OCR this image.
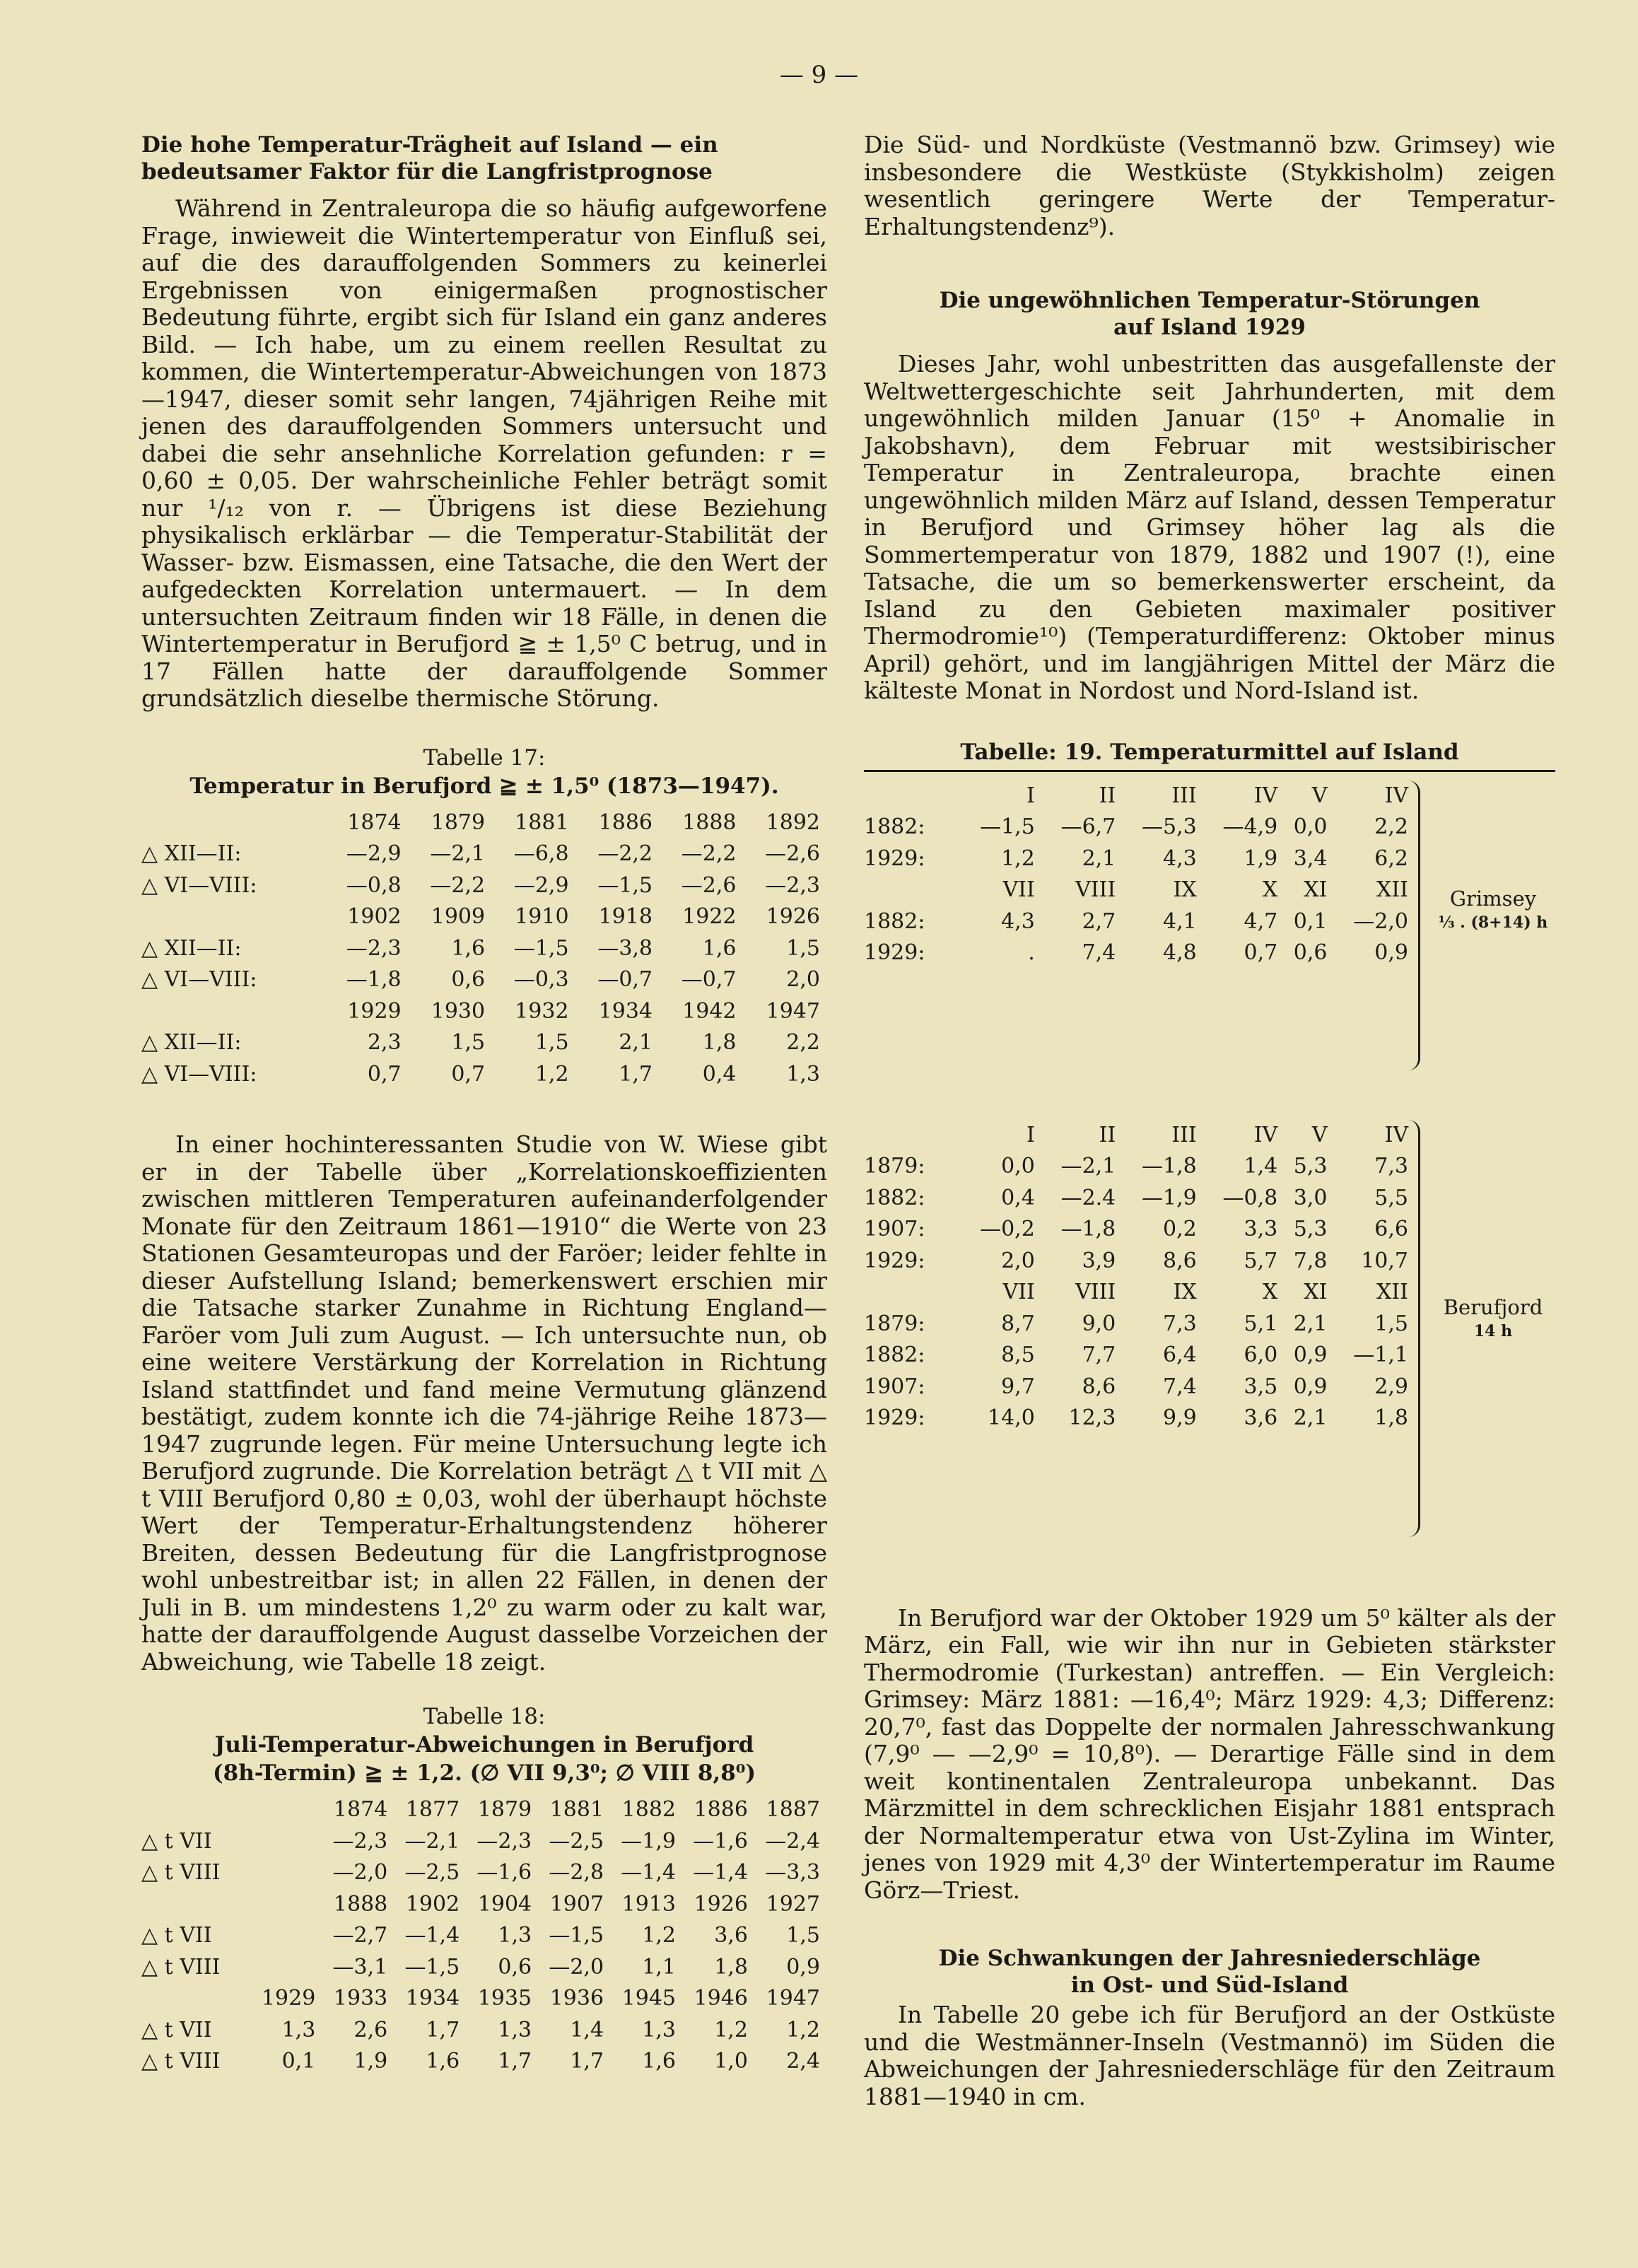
— 9 —
Die hohe Temperatur-Trägheit auf Island — ein bedeutsamer Faktor für die Langfristprognose

Während in Zentraleuropa die so häufig aufgeworfene Frage, inwieweit die Wintertemperatur von Einfluß sei, auf die des darauffolgenden Sommers zu keinerlei Ergebnissen von einigermaßen prognostischer Bedeutung führte, ergibt sich für Island ein ganz anderes Bild. — Ich habe, um zu einem reellen Resultat zu kommen, die Wintertemperatur-Abweichungen von 1873—1947, dieser somit sehr langen, 74jährigen Reihe mit jenen des darauffolgenden Sommers untersucht und dabei die sehr ansehnliche Korrelation gefunden: r = 0,60 ± 0,05. Der wahrscheinliche Fehler beträgt somit nur ¹/₁₂ von r. — Übrigens ist diese Beziehung physikalisch erklärbar — die Temperatur-Stabilität der Wasser- bzw. Eismassen, eine Tatsache, die den Wert der aufgedeckten Korrelation untermauert. — In dem untersuchten Zeitraum finden wir 18 Fälle, in denen die Wintertemperatur in Berufjord ≧ ± 1,5⁰ C betrug, und in 17 Fällen hatte der darauffolgende Sommer grundsätzlich dieselbe thermische Störung.

Tabelle 17:
Temperatur in Berufjord ≧ ± 1,5⁰ (1873—1947).
	1874	1879	1881	1886	1888	1892
△ XII—II:	—2,9	—2,1	—6,8	—2,2	—2,2	—2,6
△ VI—VIII:	—0,8	—2,2	—2,9	—1,5	—2,6	—2,3
	1902	1909	1910	1918	1922	1926
△ XII—II:	—2,3	1,6	—1,5	—3,8	1,6	1,5
△ VI—VIII:	—1,8	0,6	—0,3	—0,7	—0,7	2,0
	1929	1930	1932	1934	1942	1947
△ XII—II:	2,3	1,5	1,5	2,1	1,8	2,2
△ VI—VIII:	0,7	0,7	1,2	1,7	0,4	1,3

In einer hochinteressanten Studie von W. Wiese gibt er in der Tabelle über „Korrelationskoeffizienten zwischen mittleren Temperaturen aufeinanderfolgender Monate für den Zeitraum 1861—1910“ die Werte von 23 Stationen Gesamteuropas und der Faröer; leider fehlte in dieser Aufstellung Island; bemerkenswert erschien mir die Tatsache starker Zunahme in Richtung England—Faröer vom Juli zum August. — Ich untersuchte nun, ob eine weitere Verstärkung der Korrelation in Richtung Island stattfindet und fand meine Vermutung glänzend bestätigt, zudem konnte ich die 74-jährige Reihe 1873—1947 zugrunde legen. Für meine Untersuchung legte ich Berufjord zugrunde. Die Korrelation beträgt △ t VII mit △ t VIII Berufjord 0,80 ± 0,03, wohl der überhaupt höchste Wert der Temperatur-Erhaltungstendenz höherer Breiten, dessen Bedeutung für die Langfristprognose wohl unbestreitbar ist; in allen 22 Fällen, in denen der Juli in B. um mindestens 1,2⁰ zu warm oder zu kalt war, hatte der darauffolgende August dasselbe Vorzeichen der Abweichung, wie Tabelle 18 zeigt.

Tabelle 18:
Juli-Temperatur-Abweichungen in Berufjord
(8h-Termin) ≧ ± 1,2. (∅ VII 9,3⁰; ∅ VIII 8,8⁰)
		1874	1877	1879	1881	1882	1886	1887
△ t VII		—2,3	—2,1	—2,3	—2,5	—1,9	—1,6	—2,4
△ t VIII		—2,0	—2,5	—1,6	—2,8	—1,4	—1,4	—3,3
		1888	1902	1904	1907	1913	1926	1927
△ t VII		—2,7	—1,4	1,3	—1,5	1,2	3,6	1,5
△ t VIII		—3,1	—1,5	0,6	—2,0	1,1	1,8	0,9
	1929	1933	1934	1935	1936	1945	1946	1947
△ t VII	1,3	2,6	1,7	1,3	1,4	1,3	1,2	1,2
△ t VIII	0,1	1,9	1,6	1,7	1,7	1,6	1,0	2,4

Die Süd- und Nordküste (Vestmannö bzw. Grimsey) wie insbesondere die Westküste (Stykkisholm) zeigen wesentlich geringere Werte der Temperatur-Erhaltungstendenz⁹).

Die ungewöhnlichen Temperatur-Störungen
auf Island 1929

Dieses Jahr, wohl unbestritten das ausgefallenste der Weltwettergeschichte seit Jahrhunderten, mit dem ungewöhnlich milden Januar (15⁰ + Anomalie in Jakobshavn), dem Februar mit westsibirischer Temperatur in Zentraleuropa, brachte einen ungewöhnlich milden März auf Island, dessen Temperatur in Berufjord und Grimsey höher lag als die Sommertemperatur von 1879, 1882 und 1907 (!), eine Tatsache, die um so bemerkenswerter erscheint, da Island zu den Gebieten maximaler positiver Thermodromie¹⁰) (Temperaturdifferenz: Oktober minus April) gehört, und im langjährigen Mittel der März die kälteste Monat in Nordost und Nord-Island ist.

Tabelle: 19. Temperaturmittel auf Island
	I	II	III	IV	V	IV
1882:	—1,5	—6,7	—5,3	—4,9	0,0	2,2
1929:	1,2	2,1	4,3	1,9	3,4	6,2
	VII	VIII	IX	X	XI	XII
1882:	4,3	2,7	4,1	4,7	0,1	—2,0
1929:	.	7,4	4,8	0,7	0,6	0,9
Grimsey
⅓ . (8+14) h
	I	II	III	IV	V	IV
1879:	0,0	—2,1	—1,8	1,4	5,3	7,3
1882:	0,4	—2.4	—1,9	—0,8	3,0	5,5
1907:	—0,2	—1,8	0,2	3,3	5,3	6,6
1929:	2,0	3,9	8,6	5,7	7,8	10,7
	VII	VIII	IX	X	XI	XII
1879:	8,7	9,0	7,3	5,1	2,1	1,5
1882:	8,5	7,7	6,4	6,0	0,9	—1,1
1907:	9,7	8,6	7,4	3,5	0,9	2,9
1929:	14,0	12,3	9,9	3,6	2,1	1,8
Berufjord
14 h

In Berufjord war der Oktober 1929 um 5⁰ kälter als der März, ein Fall, wie wir ihn nur in Gebieten stärkster Thermodromie (Turkestan) antreffen. — Ein Vergleich: Grimsey: März 1881: —16,4⁰; März 1929: 4,3; Differenz: 20,7⁰, fast das Doppelte der normalen Jahresschwankung (7,9⁰ — —2,9⁰ = 10,8⁰). — Derartige Fälle sind in dem weit kontinentalen Zentraleuropa unbekannt. Das Märzmittel in dem schrecklichen Eisjahr 1881 entsprach der Normaltemperatur etwa von Ust-Zylina im Winter, jenes von 1929 mit 4,3⁰ der Wintertemperatur im Raume Görz—Triest.

Die Schwankungen der Jahresniederschläge
in Ost- und Süd-Island

In Tabelle 20 gebe ich für Berufjord an der Ostküste und die Westmänner-Inseln (Vestmannö) im Süden die Abweichungen der Jahresniederschläge für den Zeitraum 1881—1940 in cm.
